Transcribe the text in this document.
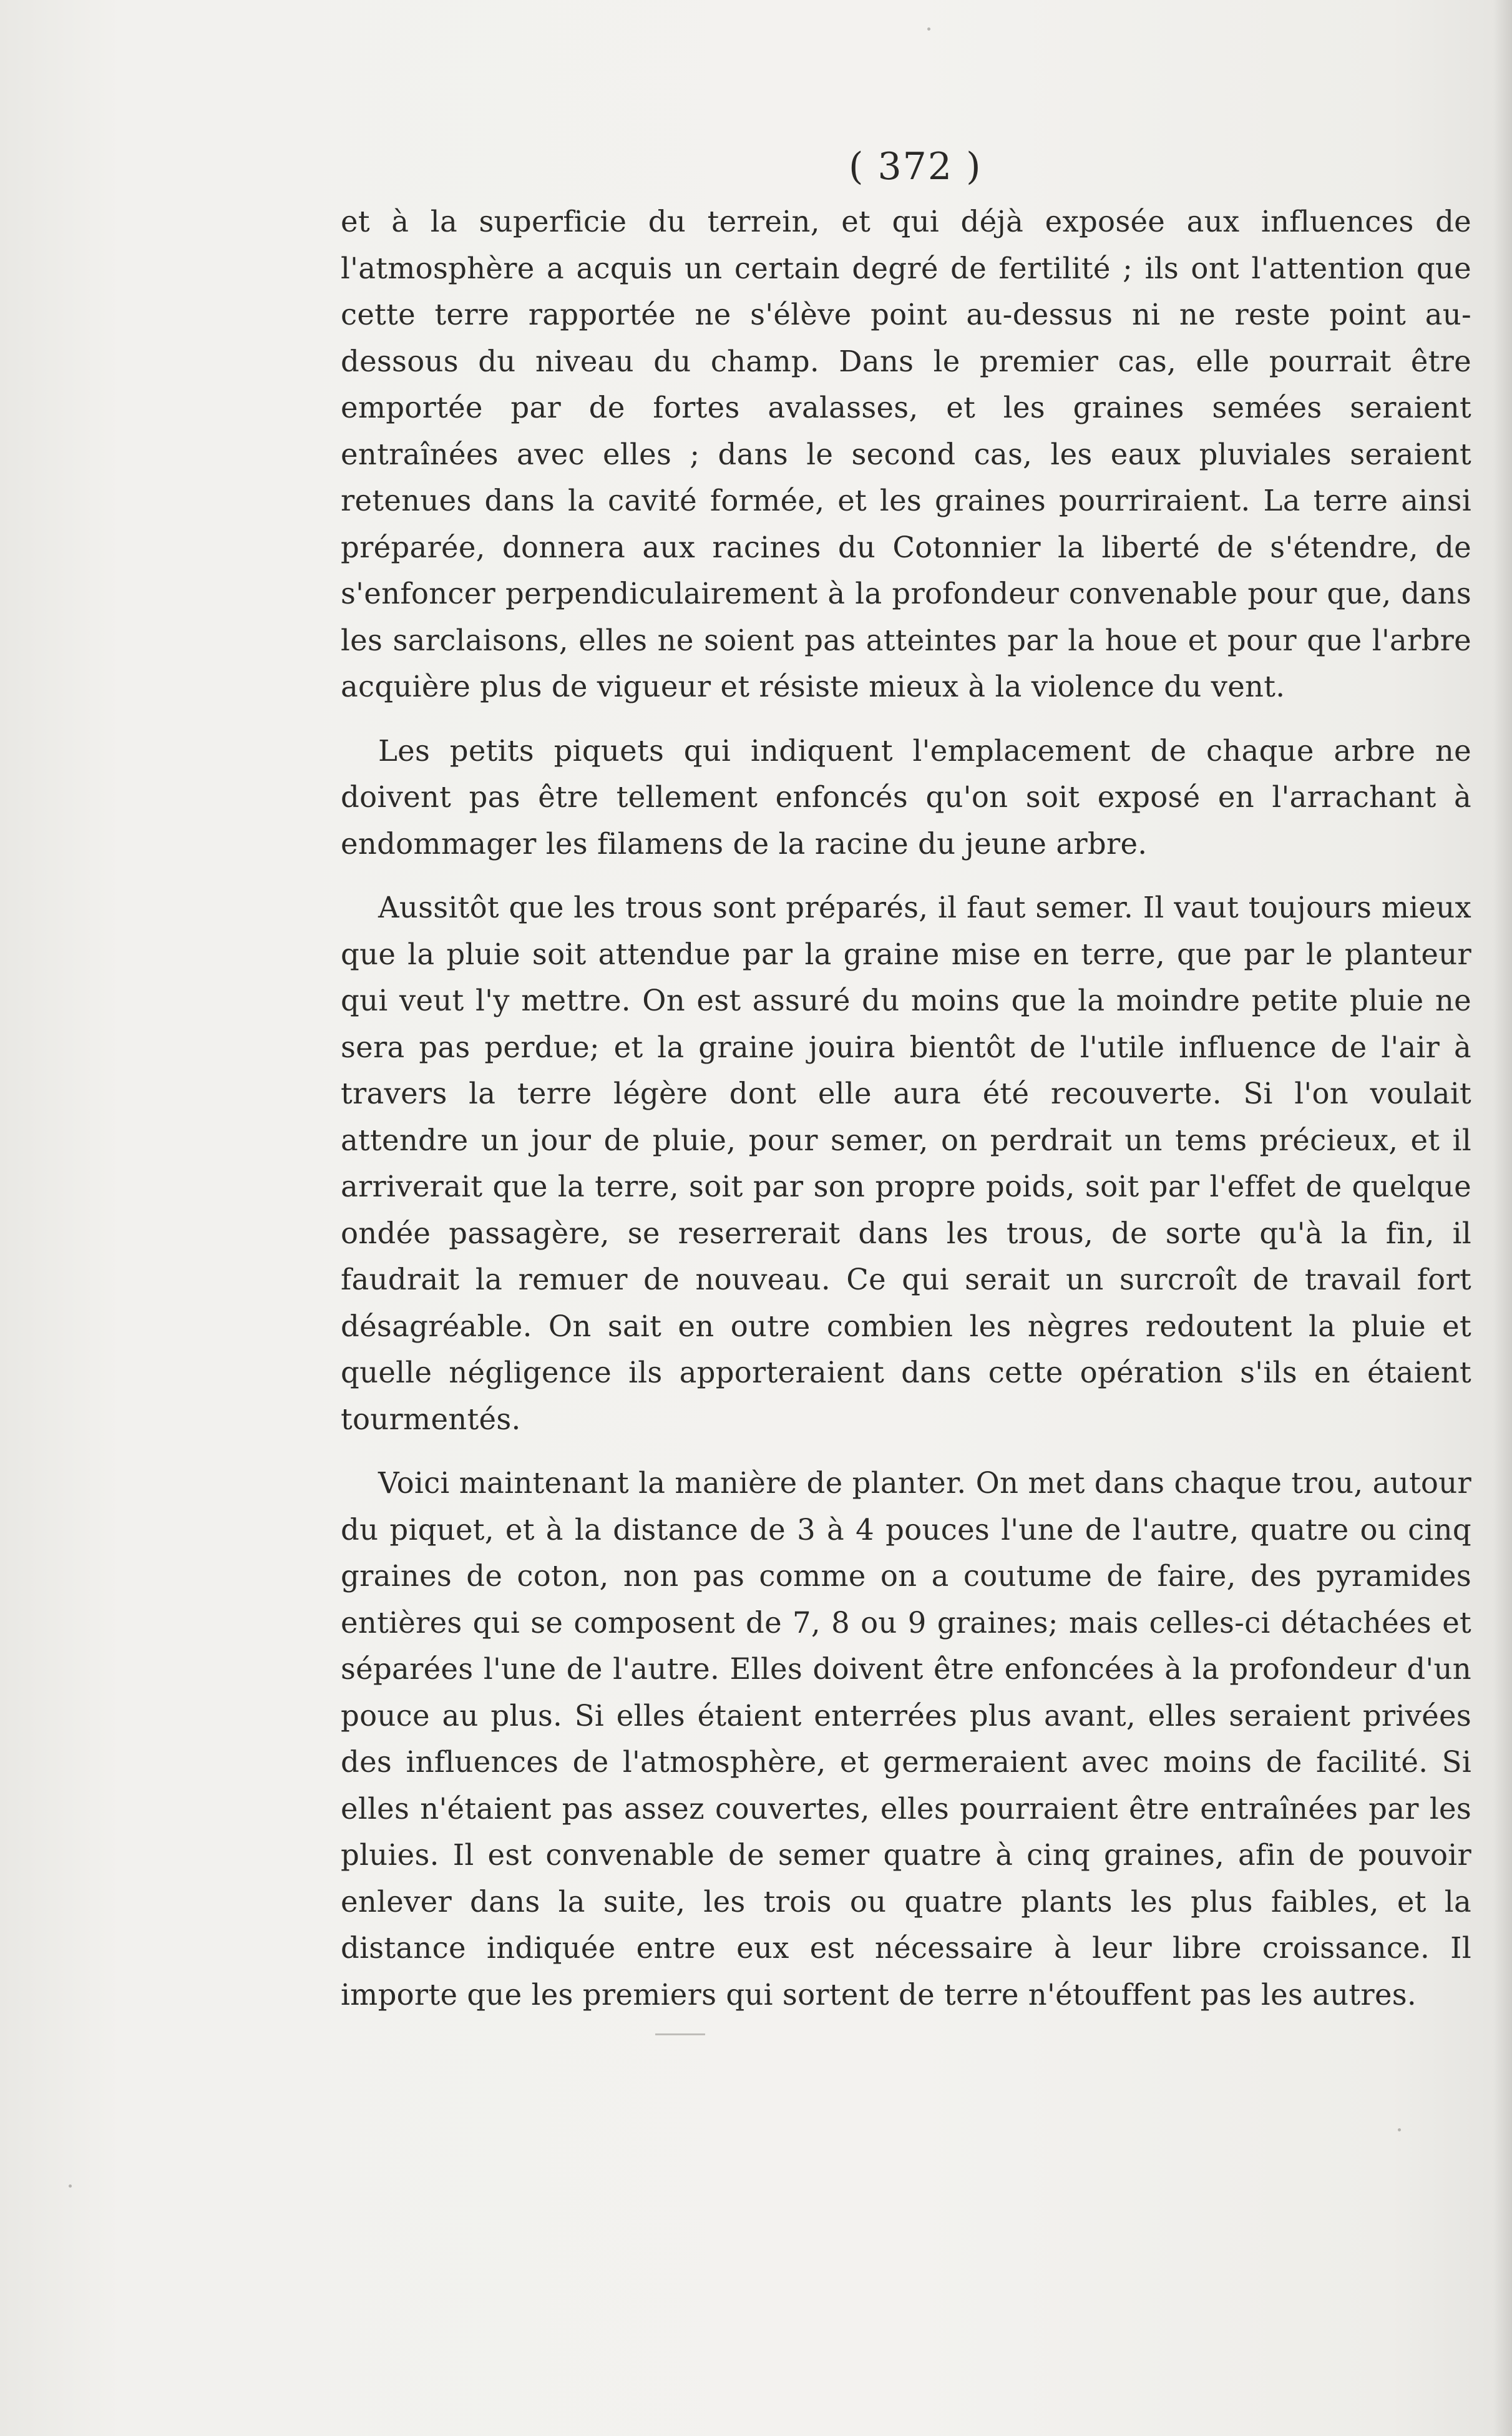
( 372 )

et à la superficie du terrein, et qui déjà exposée aux influences de l'atmosphère a acquis un certain degré de fertilité ; ils ont l'attention que cette terre rapportée ne s'élève point au-dessus ni ne reste point au-dessous du niveau du champ. Dans le premier cas, elle pourrait être emportée par de fortes avalasses, et les graines semées seraient entraînées avec elles ; dans le second cas, les eaux pluviales seraient retenues dans la cavité formée, et les graines pourriraient. La terre ainsi préparée, donnera aux racines du Cotonnier la liberté de s'étendre, de s'enfoncer perpendiculairement à la profondeur convenable pour que, dans les sarclaisons, elles ne soient pas atteintes par la houe et pour que l'arbre acquière plus de vigueur et résiste mieux à la violence du vent.

Les petits piquets qui indiquent l'emplacement de chaque arbre ne doivent pas être tellement enfoncés qu'on soit exposé en l'arrachant à endommager les filamens de la racine du jeune arbre.

Aussitôt que les trous sont préparés, il faut semer. Il vaut toujours mieux que la pluie soit attendue par la graine mise en terre, que par le planteur qui veut l'y mettre. On est assuré du moins que la moindre petite pluie ne sera pas perdue; et la graine jouira bientôt de l'utile influence de l'air à travers la terre légère dont elle aura été recouverte. Si l'on voulait attendre un jour de pluie, pour semer, on perdrait un tems précieux, et il arriverait que la terre, soit par son propre poids, soit par l'effet de quelque ondée passagère, se reserrerait dans les trous, de sorte qu'à la fin, il faudrait la remuer de nouveau. Ce qui serait un surcroît de travail fort désagréable. On sait en outre combien les nègres redoutent la pluie et quelle négligence ils apporteraient dans cette opération s'ils en étaient tourmentés.

Voici maintenant la manière de planter. On met dans chaque trou, autour du piquet, et à la distance de 3 à 4 pouces l'une de l'autre, quatre ou cinq graines de coton, non pas comme on a coutume de faire, des pyramides entières qui se composent de 7, 8 ou 9 graines; mais celles-ci détachées et séparées l'une de l'autre. Elles doivent être enfoncées à la profondeur d'un pouce au plus. Si elles étaient enterrées plus avant, elles seraient privées des influences de l'atmosphère, et germeraient avec moins de facilité. Si elles n'étaient pas assez couvertes, elles pourraient être entraînées par les pluies. Il est convenable de semer quatre à cinq graines, afin de pouvoir enlever dans la suite, les trois ou quatre plants les plus faibles, et la distance indiquée entre eux est nécessaire à leur libre croissance. Il importe que les premiers qui sortent de terre n'étouffent pas les autres.
